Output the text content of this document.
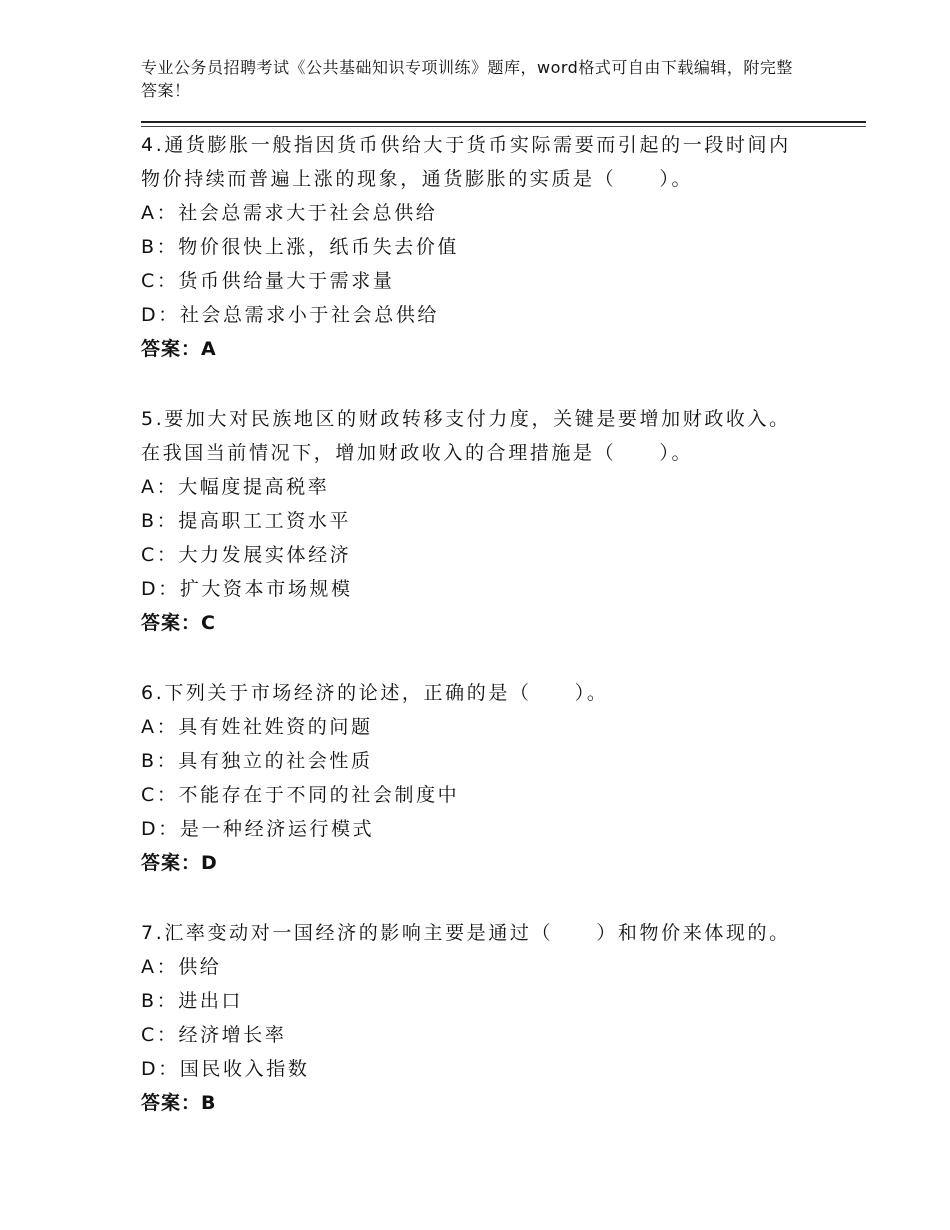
专业公务员招聘考试《公共基础知识专项训练》题库，word格式可自由下载编辑，附完整答案！
4.通货膨胀一般指因货币供给大于货币实际需要而引起的一段时间内
物价持续而普遍上涨的现象，通货膨胀的实质是（　　）。
A：社会总需求大于社会总供给
B：物价很快上涨，纸币失去价值
C：货币供给量大于需求量
D：社会总需求小于社会总供给
答案：A
5.要加大对民族地区的财政转移支付力度，关键是要增加财政收入。
在我国当前情况下，增加财政收入的合理措施是（　　）。
A：大幅度提高税率
B：提高职工工资水平
C：大力发展实体经济
D：扩大资本市场规模
答案：C
6.下列关于市场经济的论述，正确的是（　　）。
A：具有姓社姓资的问题
B：具有独立的社会性质
C：不能存在于不同的社会制度中
D：是一种经济运行模式
答案：D
7.汇率变动对一国经济的影响主要是通过（　　）和物价来体现的。
A：供给
B：进出口
C：经济增长率
D：国民收入指数
答案：B
